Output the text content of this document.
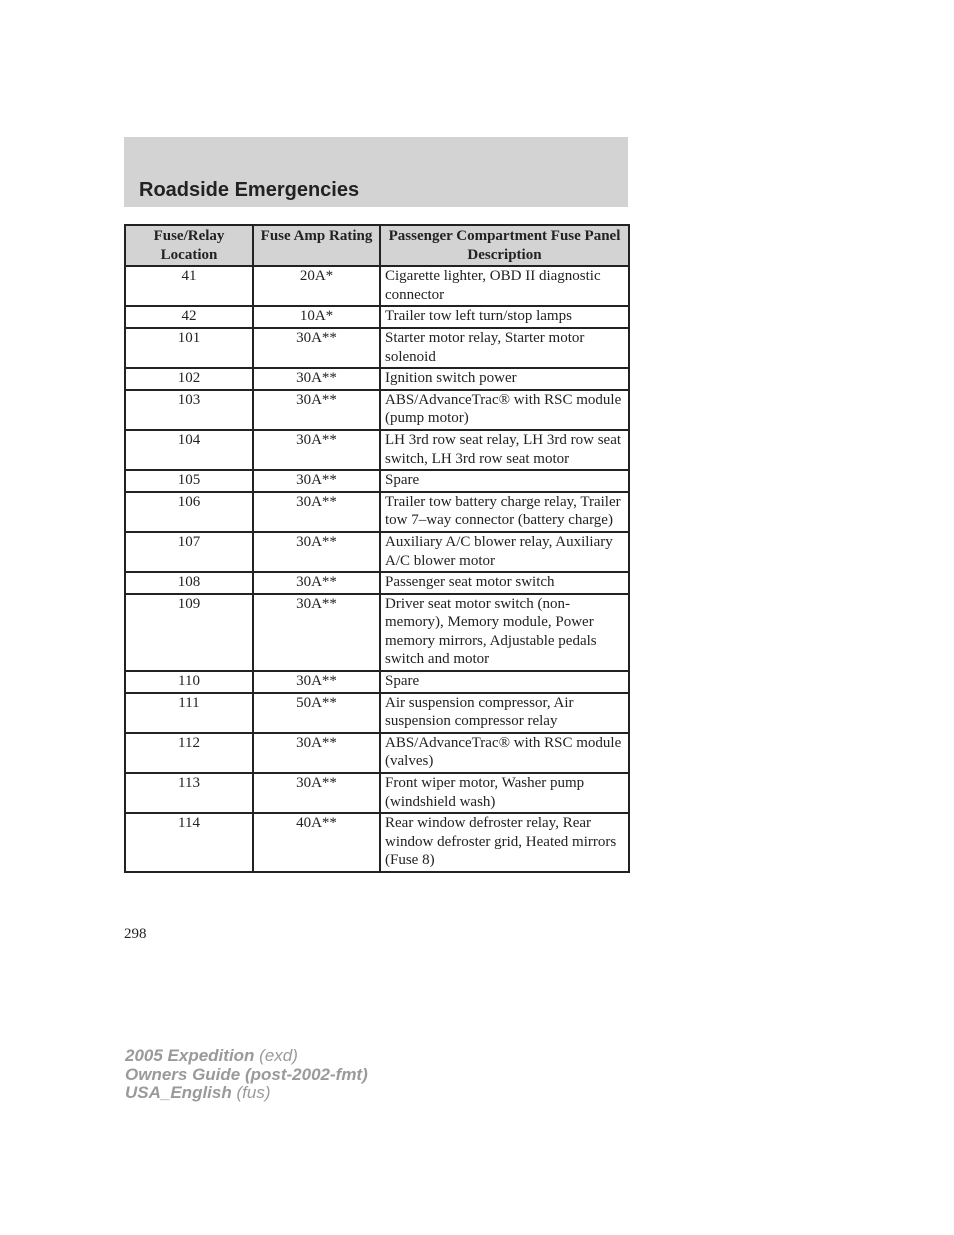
Roadside Emergencies
Fuse/Relay Location	Fuse Amp Rating	Passenger Compartment Fuse Panel Description
41	20A*	Cigarette lighter, OBD II diagnostic connector
42	10A*	Trailer tow left turn/stop lamps
101	30A**	Starter motor relay, Starter motor solenoid
102	30A**	Ignition switch power
103	30A**	ABS/AdvanceTrac® with RSC module (pump motor)
104	30A**	LH 3rd row seat relay, LH 3rd row seat switch, LH 3rd row seat motor
105	30A**	Spare
106	30A**	Trailer tow battery charge relay, Trailer tow 7–way connector (battery charge)
107	30A**	Auxiliary A/C blower relay, Auxiliary A/C blower motor
108	30A**	Passenger seat motor switch
109	30A**	Driver seat motor switch (non-memory), Memory module, Power memory mirrors, Adjustable pedals switch and motor
110	30A**	Spare
111	50A**	Air suspension compressor, Air suspension compressor relay
112	30A**	ABS/AdvanceTrac® with RSC module (valves)
113	30A**	Front wiper motor, Washer pump (windshield wash)
114	40A**	Rear window defroster relay, Rear window defroster grid, Heated mirrors (Fuse 8)
298
2005 Expedition (exd)
Owners Guide (post-2002-fmt)
USA_English (fus)
